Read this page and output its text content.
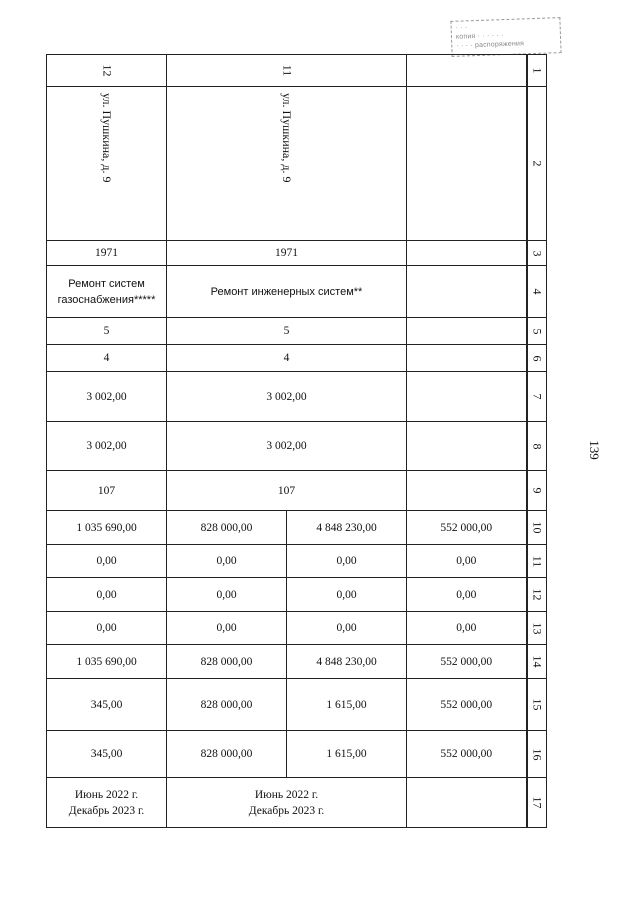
· · ·
копия · · · · · ·
· · · · распоряжения
139
12	11			1

ул. Пушкина, д. 9	ул. Пушкина, д. 9			2
1971	1971			3
Ремонт систем газоснабжения*****	Ремонт инженерных систем**			4
5	5			5
4	4			6
3 002,00	3 002,00			7
3 002,00	3 002,00			8
107	107			9
1 035 690,00	828 000,00	4 848 230,00	552 000,00	10
0,00	0,00	0,00	0,00	11
0,00	0,00	0,00	0,00	12
0,00	0,00	0,00	0,00	13
1 035 690,00	828 000,00	4 848 230,00	552 000,00	14
345,00	828 000,00	1 615,00	552 000,00	15
345,00	828 000,00	1 615,00	552 000,00	16
Июнь 2022 г. Декабрь 2023 г.	Июнь 2022 г. Декабрь 2023 г.			17
